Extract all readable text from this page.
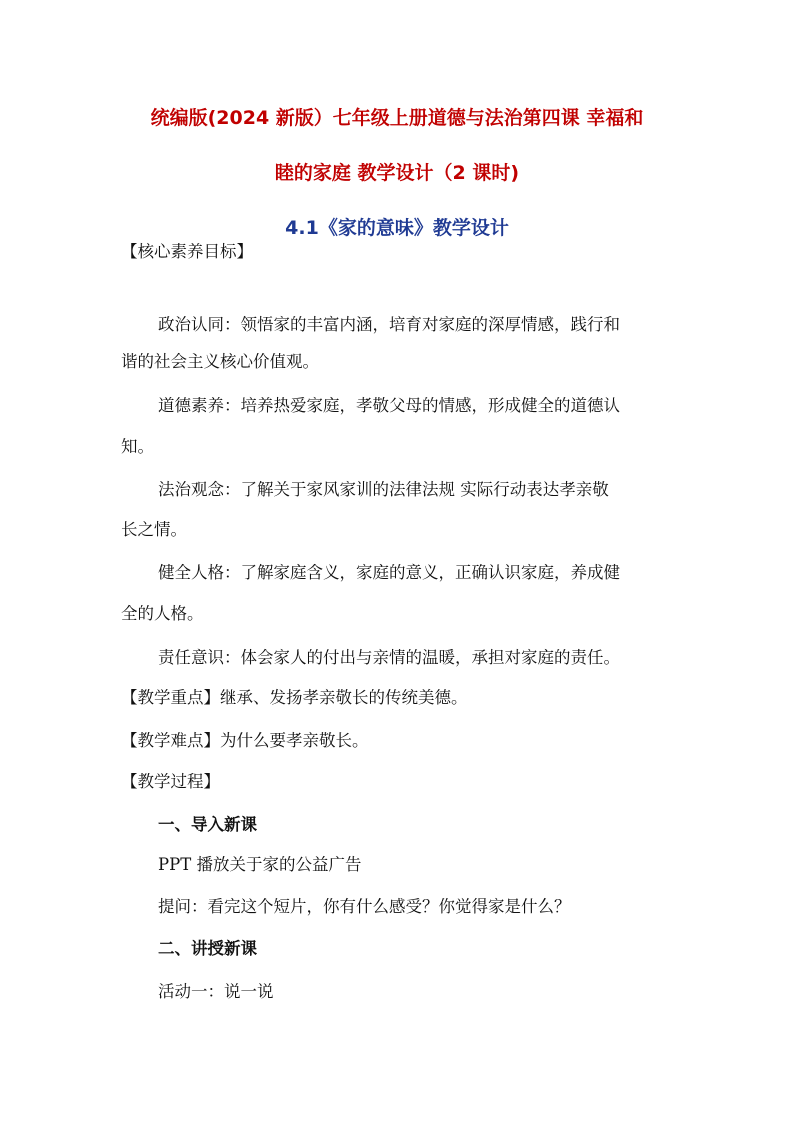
统编版(2024 新版）七年级上册道德与法治第四课 幸福和
睦的家庭 教学设计（2 课时)
4.1《家的意味》教学设计
【核心素养目标】
政治认同：领悟家的丰富内涵，培育对家庭的深厚情感，践行和
谐的社会主义核心价值观。
道德素养：培养热爱家庭，孝敬父母的情感，形成健全的道德认
知。
法治观念：了解关于家风家训的法律法规 实际行动表达孝亲敬
长之情。
健全人格：了解家庭含义，家庭的意义，正确认识家庭，养成健
全的人格。
责任意识：体会家人的付出与亲情的温暖，承担对家庭的责任。
【教学重点】继承、发扬孝亲敬长的传统美德。
【教学难点】为什么要孝亲敬长。
【教学过程】
一、导入新课
PPT 播放关于家的公益广告
提问：看完这个短片，你有什么感受？你觉得家是什么？
二、讲授新课
活动一：说一说
